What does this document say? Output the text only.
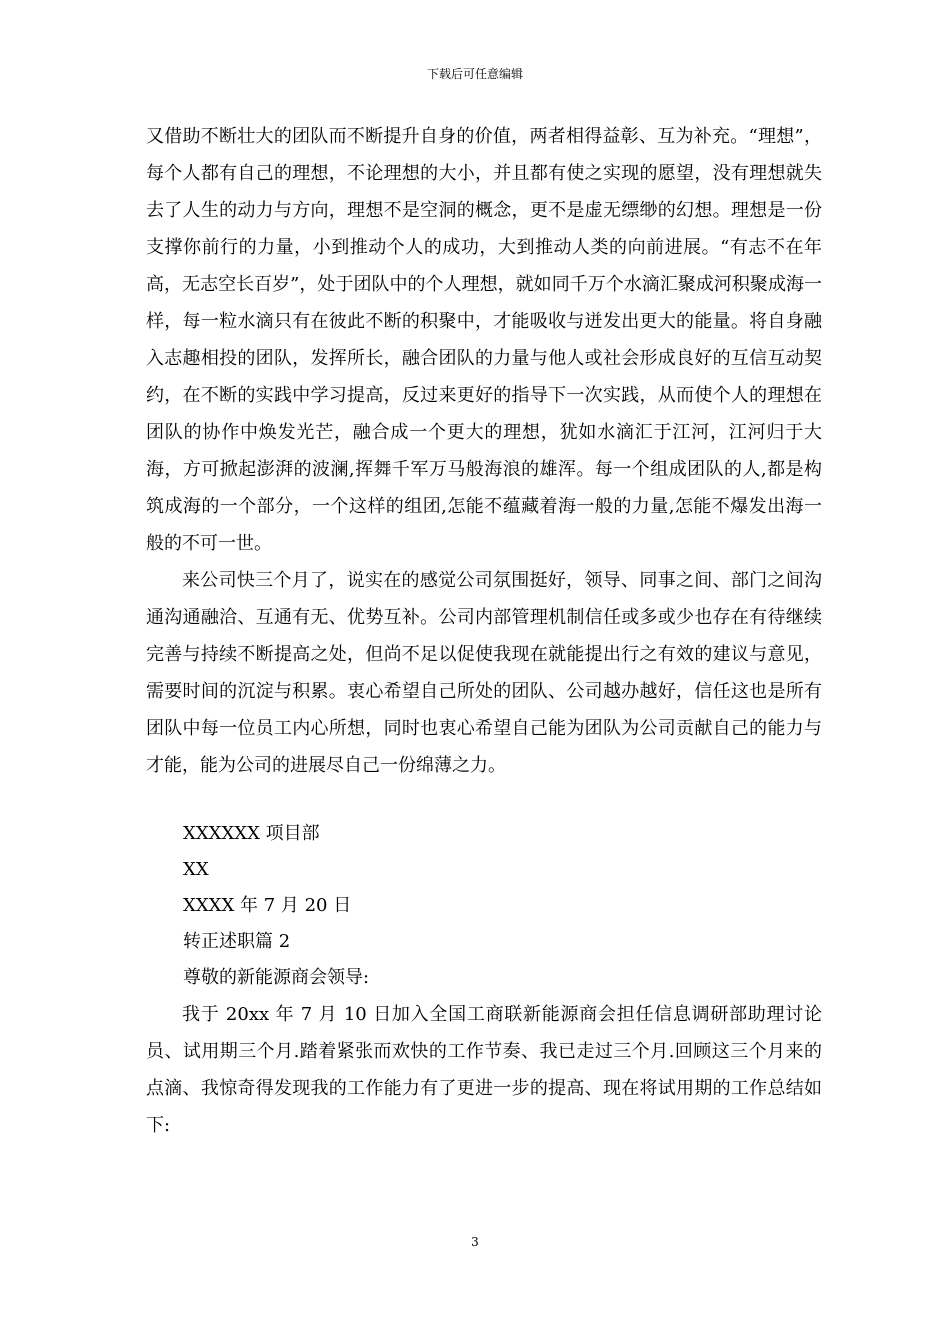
下载后可任意编辑

又借助不断壮大的团队而不断提升自身的价值，两者相得益彰、互为补充。“理想”，每个人都有自己的理想，不论理想的大小，并且都有使之实现的愿望，没有理想就失去了人生的动力与方向，理想不是空洞的概念，更不是虚无缥缈的幻想。理想是一份支撑你前行的力量，小到推动个人的成功，大到推动人类的向前进展。“有志不在年高，无志空长百岁”，处于团队中的个人理想，就如同千万个水滴汇聚成河积聚成海一样，每一粒水滴只有在彼此不断的积聚中，才能吸收与迸发出更大的能量。将自身融入志趣相投的团队，发挥所长，融合团队的力量与他人或社会形成良好的互信互动契约，在不断的实践中学习提高，反过来更好的指导下一次实践，从而使个人的理想在团队的协作中焕发光芒，融合成一个更大的理想，犹如水滴汇于江河，江河归于大海，方可掀起澎湃的波澜,挥舞千军万马般海浪的雄浑。每一个组成团队的人,都是构筑成海的一个部分，一个这样的组团,怎能不蕴藏着海一般的力量,怎能不爆发出海一般的不可一世。

来公司快三个月了，说实在的感觉公司氛围挺好，领导、同事之间、部门之间沟通沟通融洽、互通有无、优势互补。公司内部管理机制信任或多或少也存在有待继续完善与持续不断提高之处，但尚不足以促使我现在就能提出行之有效的建议与意见，需要时间的沉淀与积累。衷心希望自己所处的团队、公司越办越好，信任这也是所有团队中每一位员工内心所想，同时也衷心希望自己能为团队为公司贡献自己的能力与才能，能为公司的进展尽自己一份绵薄之力。

XXXXXX 项目部

XX

XXXX 年 7 月 20 日

转正述职篇 2

尊敬的新能源商会领导:

我于 20xx 年 7 月 10 日加入全国工商联新能源商会担任信息调研部助理讨论员、试用期三个月.踏着紧张而欢快的工作节奏、我已走过三个月.回顾这三个月来的点滴、我惊奇得发现我的工作能力有了更进一步的提高、现在将试用期的工作总结如下:

3
